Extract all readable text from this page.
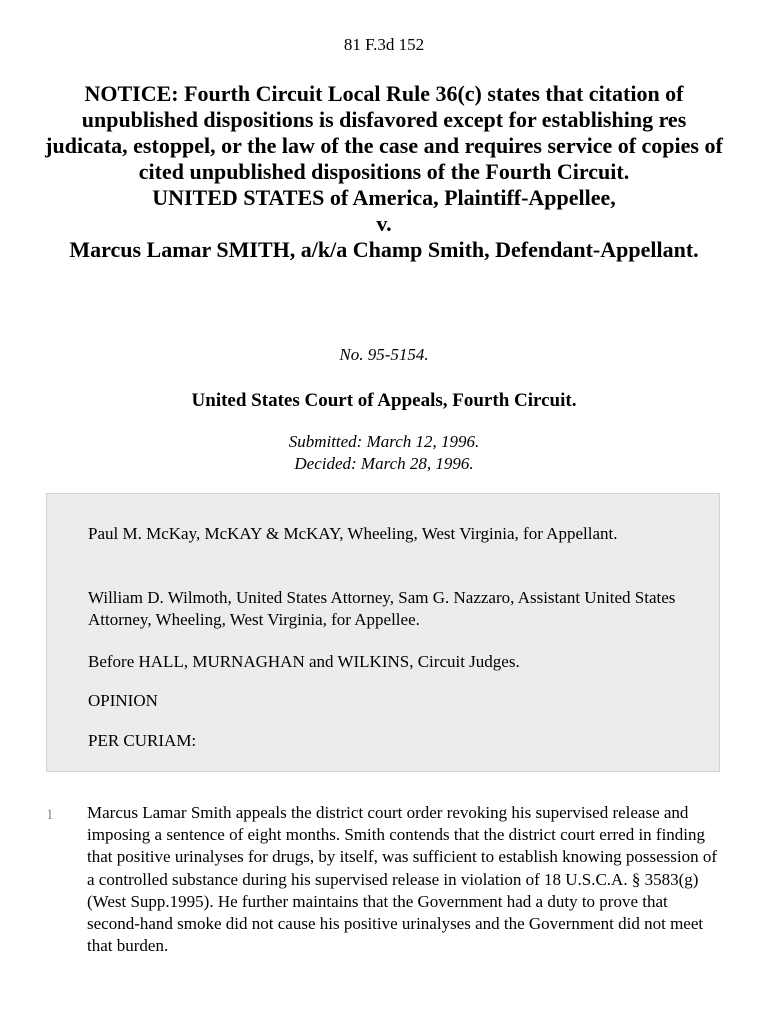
81 F.3d 152
NOTICE: Fourth Circuit Local Rule 36(c) states that citation of unpublished dispositions is disfavored except for establishing res judicata, estoppel, or the law of the case and requires service of copies of cited unpublished dispositions of the Fourth Circuit.
UNITED STATES of America, Plaintiff-Appellee,
v.
Marcus Lamar SMITH, a/k/a Champ Smith, Defendant-Appellant.
No. 95-5154.
United States Court of Appeals, Fourth Circuit.
Submitted: March 12, 1996.
Decided: March 28, 1996.

Paul M. McKay, McKAY & McKAY, Wheeling, West Virginia, for Appellant.

William D. Wilmoth, United States Attorney, Sam G. Nazzaro, Assistant United States Attorney, Wheeling, West Virginia, for Appellee.

Before HALL, MURNAGHAN and WILKINS, Circuit Judges.

OPINION

PER CURIAM:

1 Marcus Lamar Smith appeals the district court order revoking his supervised release and imposing a sentence of eight months. Smith contends that the district court erred in finding that positive urinalyses for drugs, by itself, was sufficient to establish knowing possession of a controlled substance during his supervised release in violation of 18 U.S.C.A. § 3583(g) (West Supp.1995). He further maintains that the Government had a duty to prove that second-hand smoke did not cause his positive urinalyses and the Government did not meet that burden.
